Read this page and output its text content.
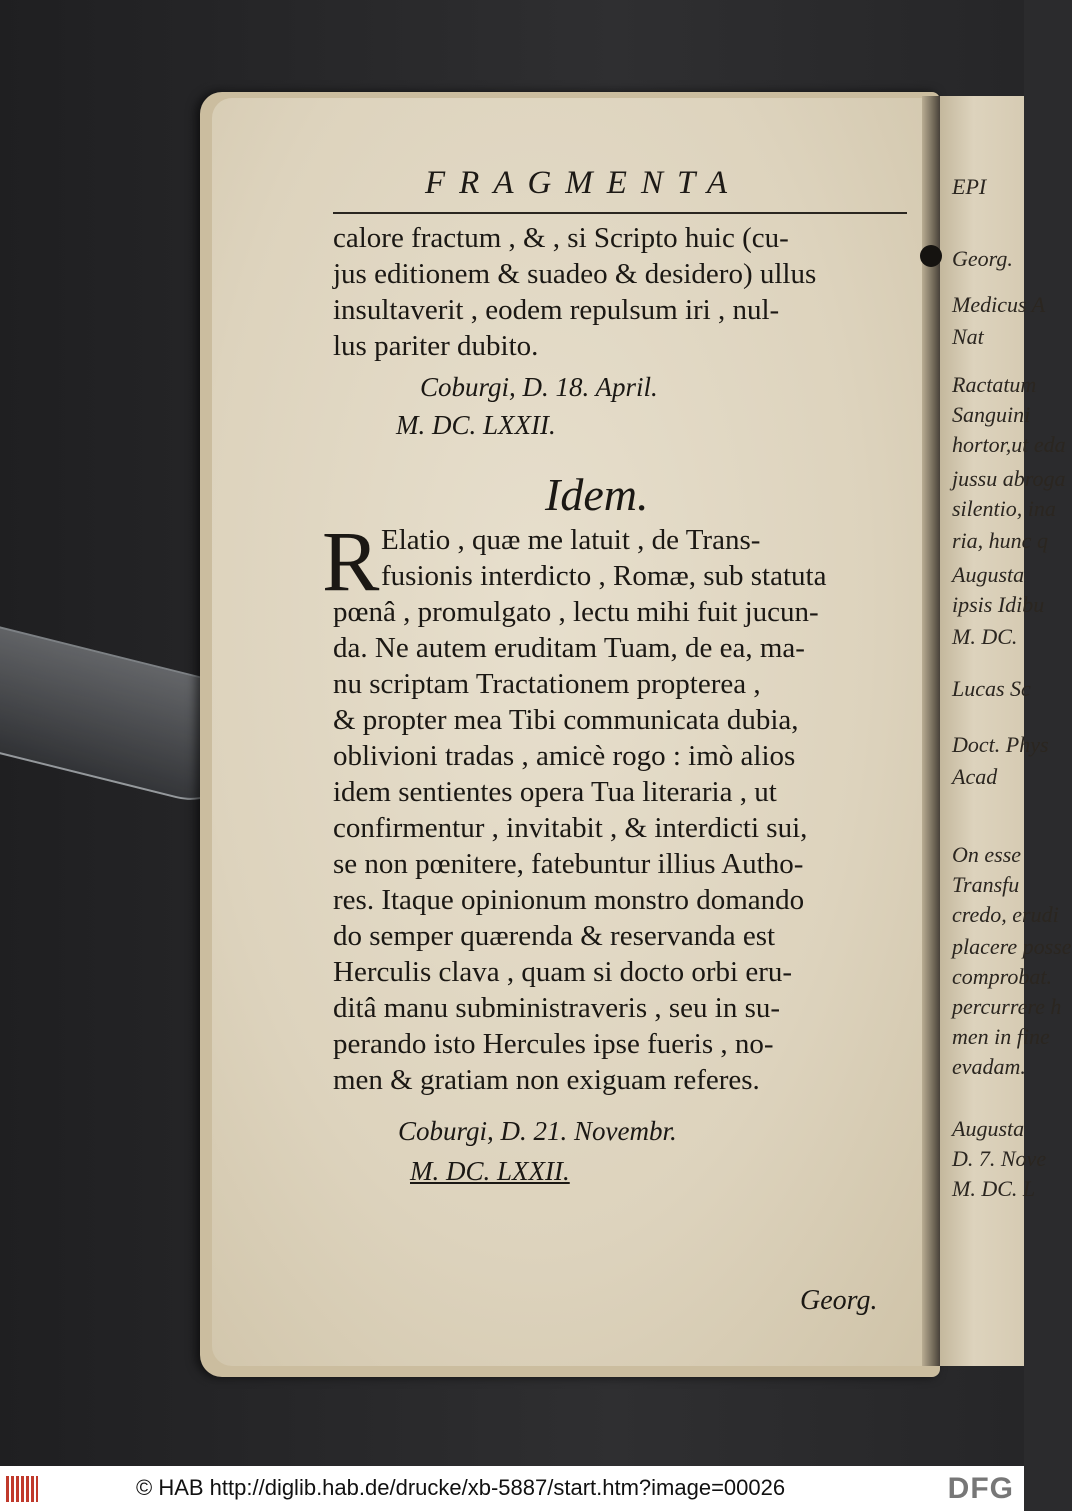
EPI
Georg.
Medicus A
Nat
Ractatum
Sanguini
hortor,ut eda
jussu abroga
silentio, ina
ria, hunc q
Augusta
ipsis Idibu
M. DC.
Lucas Sc
Doct. Phys
Acad
On esse
Transfu
credo, erudi
placere posse
comprobat.
percurrere h
men in fine
evadam.
Augusta
D. 7. Nove
M. DC. L
FRAGMENTA
calore fractum , & , si Scripto huic (cu-
jus editionem & suadeo & desidero) ullus
insultaverit , eodem repulsum iri , nul-
lus pariter dubito.
Coburgi, D. 18. April.
M. DC. LXXII.
Idem.
R Elatio , quæ me latuit , de Trans-
fusionis interdicto , Romæ, sub statuta
pœnâ , promulgato , lectu mihi fuit jucun-
da. Ne autem eruditam Tuam, de ea, ma-
nu scriptam Tractationem propterea ,
& propter mea Tibi communicata dubia,
oblivioni tradas , amicè rogo : imò alios
idem sentientes opera Tua literaria , ut
confirmentur , invitabit , & interdicti sui,
se non pœnitere, fatebuntur illius Autho-
res. Itaque opinionum monstro domando
do semper quærenda & reservanda est
Herculis clava , quam si docto orbi eru-
ditâ manu subministraveris , seu in su-
perando isto Hercules ipse fueris , no-
men & gratiam non exiguam referes.
Coburgi, D. 21. Novembr.
M. DC. LXXII.
Georg.
© HAB http://diglib.hab.de/drucke/xb-5887/start.htm?image=00026	DFG
